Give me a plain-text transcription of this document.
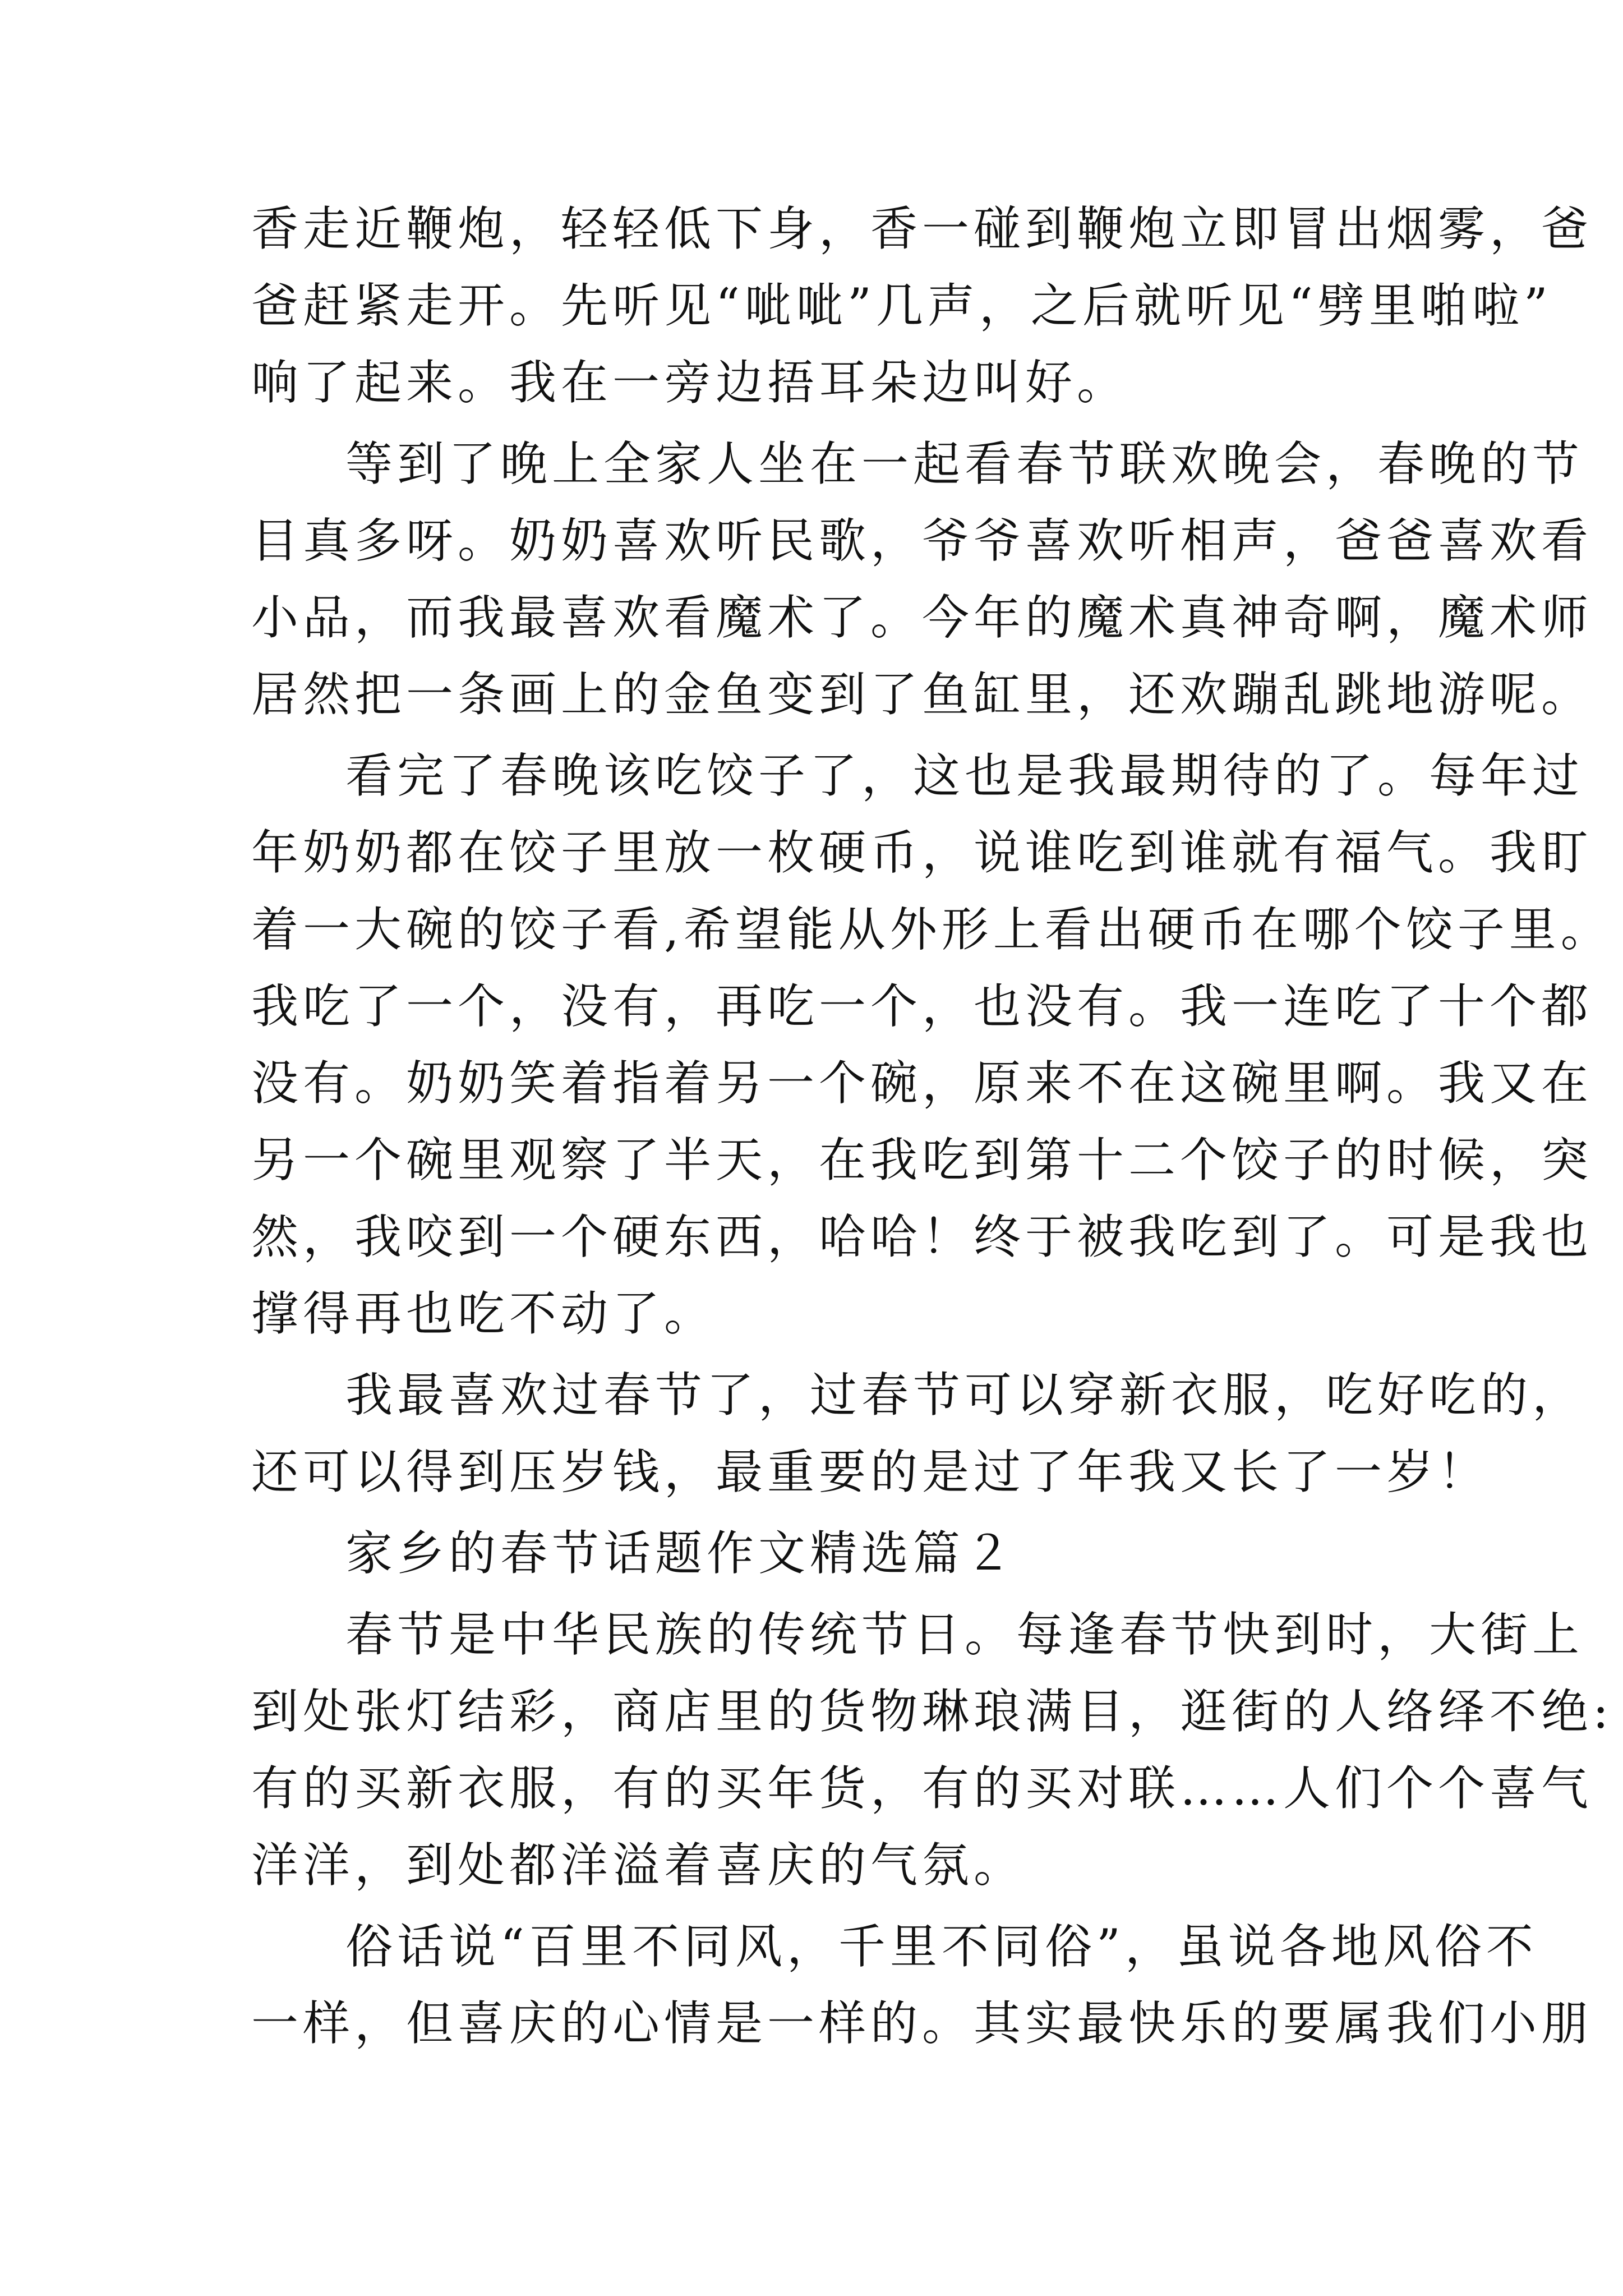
香走近鞭炮，轻轻低下身，香一碰到鞭炮立即冒出烟雾，爸
爸赶紧走开。先听见“呲呲”几声，之后就听见“劈里啪啦”
响了起来。我在一旁边捂耳朵边叫好。
等到了晚上全家人坐在一起看春节联欢晚会，春晚的节
目真多呀。奶奶喜欢听民歌，爷爷喜欢听相声，爸爸喜欢看
小品，而我最喜欢看魔术了。今年的魔术真神奇啊，魔术师
居然把一条画上的金鱼变到了鱼缸里，还欢蹦乱跳地游呢。
看完了春晚该吃饺子了，这也是我最期待的了。每年过
年奶奶都在饺子里放一枚硬币，说谁吃到谁就有福气。我盯
着一大碗的饺子看,希望能从外形上看出硬币在哪个饺子里。
我吃了一个，没有，再吃一个，也没有。我一连吃了十个都
没有。奶奶笑着指着另一个碗，原来不在这碗里啊。我又在
另一个碗里观察了半天，在我吃到第十二个饺子的时候，突
然，我咬到一个硬东西，哈哈！终于被我吃到了。可是我也
撑得再也吃不动了。
我最喜欢过春节了，过春节可以穿新衣服，吃好吃的，
还可以得到压岁钱，最重要的是过了年我又长了一岁！
家乡的春节话题作文精选篇２
春节是中华民族的传统节日。每逢春节快到时，大街上
到处张灯结彩，商店里的货物琳琅满目，逛街的人络绎不绝:
有的买新衣服，有的买年货，有的买对联……人们个个喜气
洋洋，到处都洋溢着喜庆的气氛。
俗话说“百里不同风，千里不同俗”，虽说各地风俗不
一样，但喜庆的心情是一样的。其实最快乐的要属我们小朋
